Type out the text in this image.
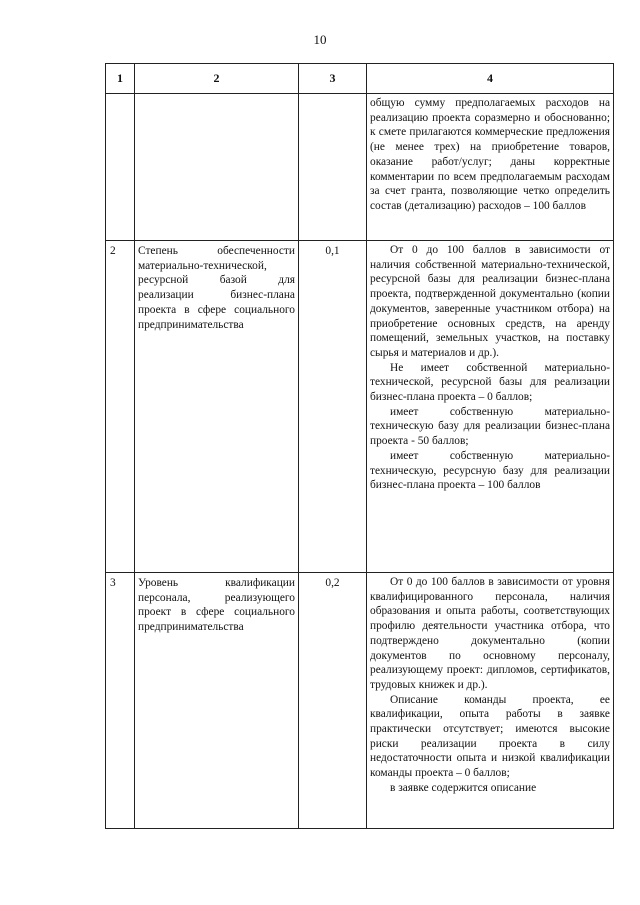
10
1	2	3	4

			общую сумму предполагаемых расходов на реализацию проекта соразмерно и обоснованно; к смете прилагаются коммерческие предложения (не менее трех) на приобретение товаров, оказание работ/услуг; даны корректные комментарии по всем предполагаемым расходам за счет гранта, позволяющие четко определить состав (детализацию) расходов – 100 баллов

2	Степень обеспеченности материально-технической, ресурсной базой для реализации бизнес-плана проекта в сфере социального предпринимательства	0,1	От 0 до 100 баллов в зависимости от наличия собственной материально-технической, ресурсной базы для реализации бизнес-плана проекта, подтвержденной документально (копии документов, заверенные участником отбора) на приобретение основных средств, на аренду помещений, земельных участков, на поставку сырья и материалов и др.).
Не имеет собственной материально-технической, ресурсной базы для реализации бизнес-плана проекта – 0 баллов;
имеет собственную материально-техническую базу для реализации бизнес-плана проекта - 50 баллов;
имеет собственную материально-техническую, ресурсную базу для реализации бизнес-плана проекта – 100 баллов

3	Уровень квалификации персонала, реализующего проект в сфере социального предпринимательства	0,2	От 0 до 100 баллов в зависимости от уровня квалифицированного персонала, наличия образования и опыта работы, соответствующих профилю деятельности участника отбора, что подтверждено документально (копии документов по основному персоналу, реализующему проект: дипломов, сертификатов, трудовых книжек и др.).
Описание команды проекта, ее квалификации, опыта работы в заявке практически отсутствует; имеются высокие риски реализации проекта в силу недостаточности опыта и низкой квалификации команды проекта – 0 баллов;
в заявке содержится описание
